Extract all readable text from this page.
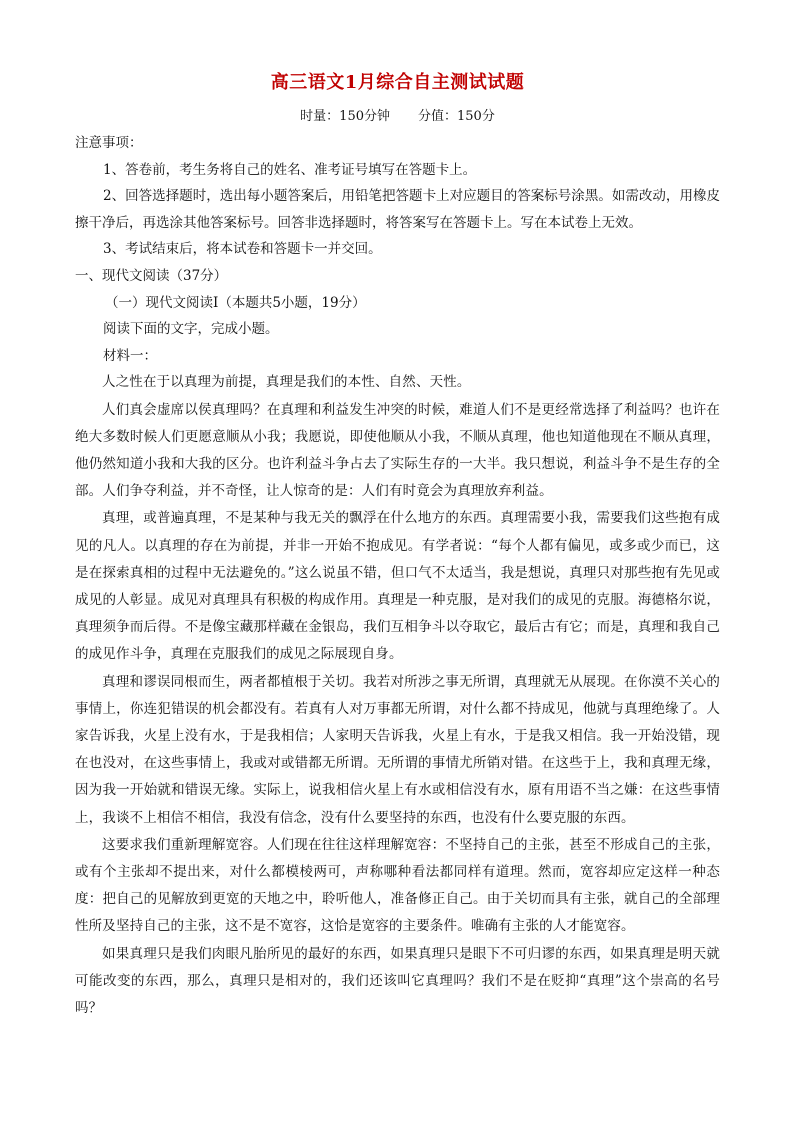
高三语文1月综合自主测试试题
时量：150分钟 分值：150分

注意事项：

1、答卷前，考生务将自己的姓名、准考证号填写在答题卡上。

2、回答选择题时，选出每小题答案后，用铅笔把答题卡上对应题目的答案标号涂黑。如需改动，用橡皮擦干净后，再选涂其他答案标号。回答非选择题时，将答案写在答题卡上。写在本试卷上无效。

3、考试结束后，将本试卷和答题卡一并交回。

一、现代文阅读（37分）

（一）现代文阅读Ⅰ（本题共5小题，19分）

阅读下面的文字，完成小题。

材料一：

人之性在于以真理为前提，真理是我们的本性、自然、天性。

人们真会虚席以侯真理吗？在真理和利益发生冲突的时候，难道人们不是更经常选择了利益吗？也许在绝大多数时候人们更愿意顺从小我；我愿说，即使他顺从小我，不顺从真理，他也知道他现在不顺从真理，他仍然知道小我和大我的区分。也许利益斗争占去了实际生存的一大半。我只想说，利益斗争不是生存的全部。人们争夺利益，并不奇怪，让人惊奇的是：人们有时竟会为真理放弃利益。

真理，或普遍真理，不是某种与我无关的飘浮在什么地方的东西。真理需要小我，需要我们这些抱有成见的凡人。以真理的存在为前提，并非一开始不抱成见。有学者说：“每个人都有偏见，或多或少而已，这是在探索真相的过程中无法避免的。”这么说虽不错，但口气不太适当，我是想说，真理只对那些抱有先见或成见的人彰显。成见对真理具有积极的构成作用。真理是一种克服，是对我们的成见的克服。海德格尔说，真理须争而后得。不是像宝藏那样藏在金银岛，我们互相争斗以夺取它，最后古有它；而是，真理和我自己的成见作斗争，真理在克服我们的成见之际展现自身。

真理和谬误同根而生，两者都植根于关切。我若对所涉之事无所谓，真理就无从展现。在你漠不关心的事情上，你连犯错误的机会都没有。若真有人对万事都无所谓，对什么都不持成见，他就与真理绝缘了。人家告诉我，火星上没有水，于是我相信；人家明天告诉我，火星上有水，于是我又相信。我一开始没错，现在也没对，在这些事情上，我或对或错都无所谓。无所谓的事情尤所销对错。在这些于上，我和真理无缘，因为我一开始就和错误无缘。实际上，说我相信火星上有水或相信没有水，原有用语不当之嫌：在这些事情上，我谈不上相信不相信，我没有信念，没有什么要坚持的东西，也没有什么要克服的东西。

这要求我们重新理解宽容。人们现在往往这样理解宽容：不坚持自己的主张，甚至不形成自己的主张，或有个主张却不提出来，对什么都模棱两可，声称哪种看法都同样有道理。然而，宽容却应定这样一种态度：把自己的见解放到更宽的天地之中，聆听他人，准备修正自己。由于关切而具有主张，就自己的全部理性所及坚持自己的主张，这不是不宽容，这恰是宽容的主要条件。唯确有主张的人才能宽容。

如果真理只是我们肉眼凡胎所见的最好的东西，如果真理只是眼下不可归谬的东西，如果真理是明天就可能改变的东西，那么，真理只是相对的，我们还该叫它真理吗？我们不是在贬抑“真理”这个崇高的名号吗？
